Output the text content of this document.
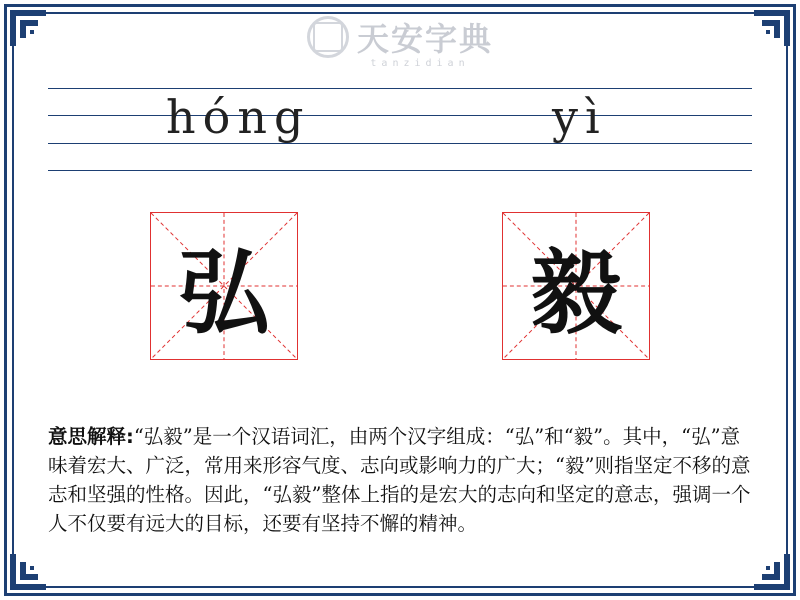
天安字典
tanzidian
hóng	yì
弘	毅
意思解释:“弘毅”是一个汉语词汇，由两个汉字组成：“弘”和“毅”。其中，“弘”意味着宏大、广泛，常用来形容气度、志向或影响力的广大；“毅”则指坚定不移的意志和坚强的性格。因此，“弘毅”整体上指的是宏大的志向和坚定的意志，强调一个人不仅要有远大的目标，还要有坚持不懈的精神。
